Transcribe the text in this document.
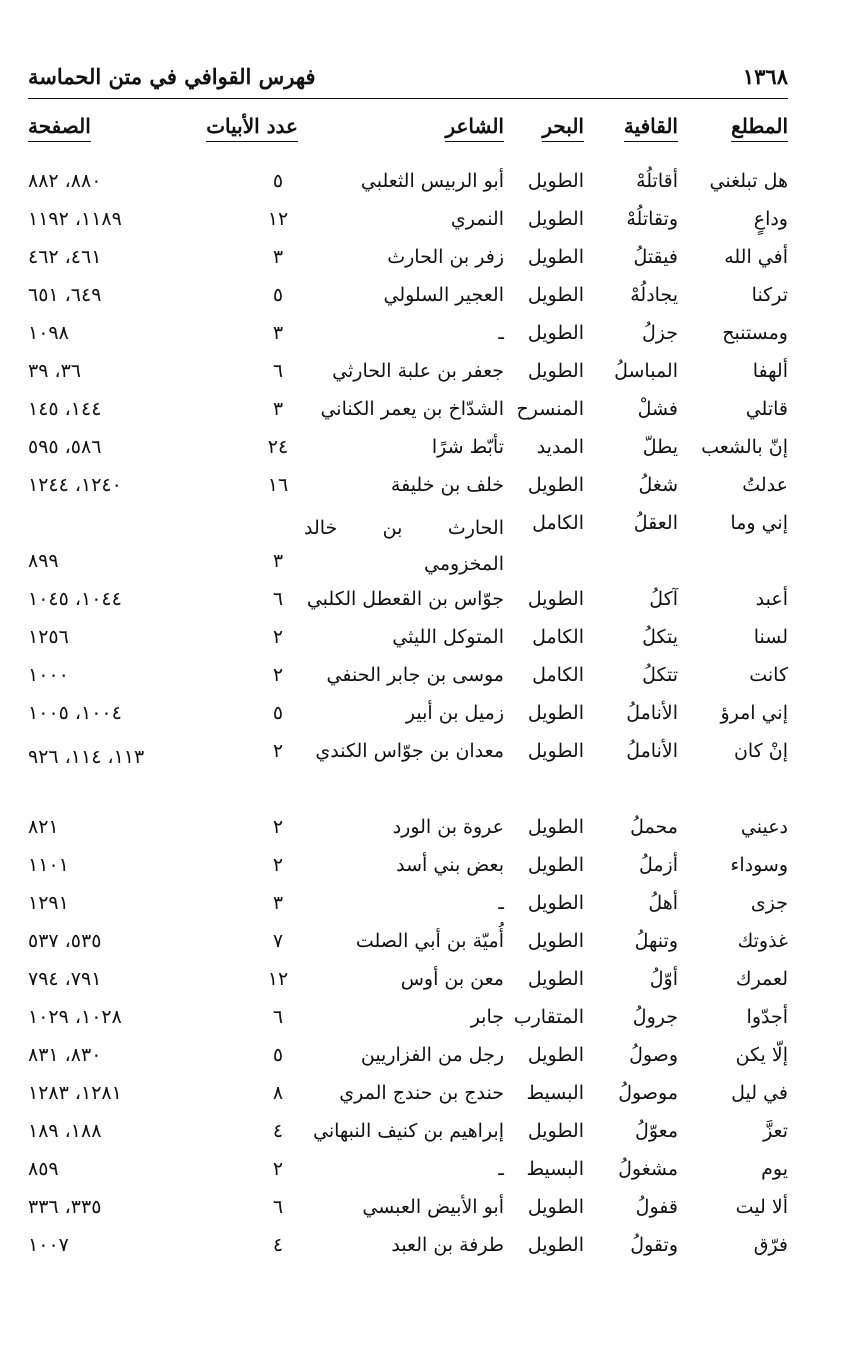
١٣٦٨
فهرس القوافي في متن الحماسة
المطلع
القافية
البحر
الشاعر
عدد الأبيات
الصفحة
هل تبلغني
أقاتلُهْ
الطويل
أبو الربيس الثعلبي
٥
٨٨٠، ٨٨٢
وداعٍ
وتقاتلُهْ
الطويل
النمري
١٢
١١٨٩، ١١٩٢
أفي الله
فيقتلُ
الطويل
زفر بن الحارث
٣
٤٦١، ٤٦٢
تركنا
يجادلُهْ
الطويل
العجير السلولي
٥
٦٤٩، ٦٥١
ومستنبح
جزلُ
الطويل
ـ
٣
١٠٩٨
ألهفا
المباسلُ
الطويل
جعفر بن علبة الحارثي
٦
٣٦، ٣٩
قاتلي
فشلْ
المنسرح
الشدّاخ بن يعمر الكناني
٣
١٤٤، ١٤٥
إنّ بالشعب
يطلّ
المديد
تأبّط شرًا
٢٤
٥٨٦، ٥٩٥
عدلتُ
شغلُ
الطويل
خلف بن خليفة
١٦
١٢٤٠، ١٢٤٤
إني وما
العقلُ
الكامل
الحارث بن خالد المخزومي
٣
٨٩٩
أعبد
آكلُ
الطويل
جوّاس بن القعطل الكلبي
٦
١٠٤٤، ١٠٤٥
لسنا
يتكلُ
الكامل
المتوكل الليثي
٢
١٢٥٦
كانت
تتكلُ
الكامل
موسى بن جابر الحنفي
٢
١٠٠٠
إني امرؤ
الأناملُ
الطويل
زميل بن أبير
٥
١٠٠٤، ١٠٠٥
إنْ كان
الأناملُ
الطويل
معدان بن جوّاس الكندي
٢
١١٣، ١١٤، ٩٢٦
دعيني
محملُ
الطويل
عروة بن الورد
٢
٨٢١
وسوداء
أزملُ
الطويل
بعض بني أسد
٢
١١٠١
جزى
أهلُ
الطويل
ـ
٣
١٢٩١
غذوتك
وتنهلُ
الطويل
أُميّة بن أبي الصلت
٧
٥٣٥، ٥٣٧
لعمرك
أوّلُ
الطويل
معن بن أوس
١٢
٧٩١، ٧٩٤
أجدّوا
جرولُ
المتقارب
جابر
٦
١٠٢٨، ١٠٢٩
إلّا يكن
وصولُ
الطويل
رجل من الفزاريين
٥
٨٣٠، ٨٣١
في ليل
موصولُ
البسيط
حندج بن حندج المري
٨
١٢٨١، ١٢٨٣
تعزَّ
معوّلُ
الطويل
إبراهيم بن كنيف النبهاني
٤
١٨٨، ١٨٩
يوم
مشغولُ
البسيط
ـ
٢
٨٥٩
ألا ليت
قفولُ
الطويل
أبو الأبيض العبسي
٦
٣٣٥، ٣٣٦
فرّق
وتقولُ
الطويل
طرفة بن العبد
٤
١٠٠٧
